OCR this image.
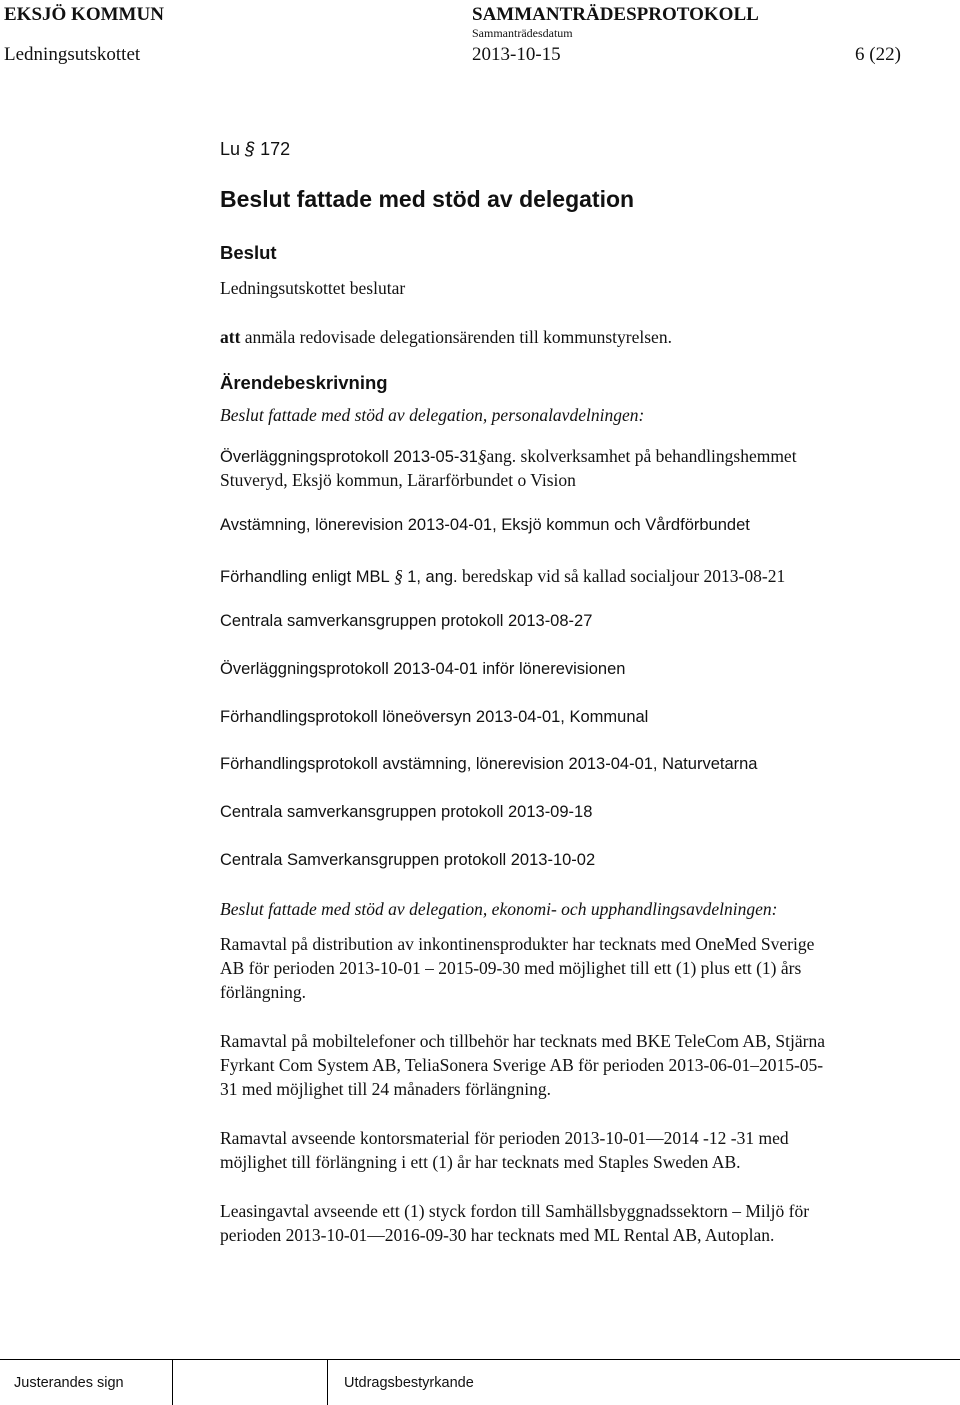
EKSJÖ KOMMUN	SAMMANTRÄDESPROTOKOLL
Sammanträdesdatum
Ledningsutskottet	2013-10-15	6 (22)
Lu § 172
Beslut fattade med stöd av delegation
Beslut
Ledningsutskottet beslutar
att anmäla redovisade delegationsärenden till kommunstyrelsen.
Ärendebeskrivning
Beslut fattade med stöd av delegation, personalavdelningen:
Överläggningsprotokoll 2013-05-31§ang. skolverksamhet på behandlingshemmet
Stuveryd, Eksjö kommun, Lärarförbundet o Vision
Avstämning, lönerevision 2013-04-01, Eksjö kommun och Vårdförbundet
Förhandling enligt MBL § 1, ang. beredskap vid så kallad socialjour 2013-08-21
Centrala samverkansgruppen protokoll 2013-08-27
Överläggningsprotokoll 2013-04-01 inför lönerevisionen
Förhandlingsprotokoll löneöversyn 2013-04-01, Kommunal
Förhandlingsprotokoll avstämning, lönerevision 2013-04-01, Naturvetarna
Centrala samverkansgruppen protokoll 2013-09-18
Centrala Samverkansgruppen protokoll 2013-10-02
Beslut fattade med stöd av delegation, ekonomi- och upphandlingsavdelningen:
Ramavtal på distribution av inkontinensprodukter har tecknats med OneMed Sverige
AB för perioden 2013-10-01 – 2015-09-30 med möjlighet till ett (1) plus ett (1) års
förlängning.
Ramavtal på mobiltelefoner och tillbehör har tecknats med BKE TeleCom AB, Stjärna
Fyrkant Com System AB, TeliaSonera Sverige AB för perioden 2013-06-01–2015-05-
31 med möjlighet till 24 månaders förlängning.
Ramavtal avseende kontorsmaterial för perioden 2013-10-01—2014 -12 -31 med
möjlighet till förlängning i ett (1) år har tecknats med Staples Sweden AB.
Leasingavtal avseende ett (1) styck fordon till Samhällsbyggnadssektorn – Miljö för
perioden 2013-10-01—2016-09-30 har tecknats med ML Rental AB, Autoplan.
Justerandes sign	Utdragsbestyrkande
